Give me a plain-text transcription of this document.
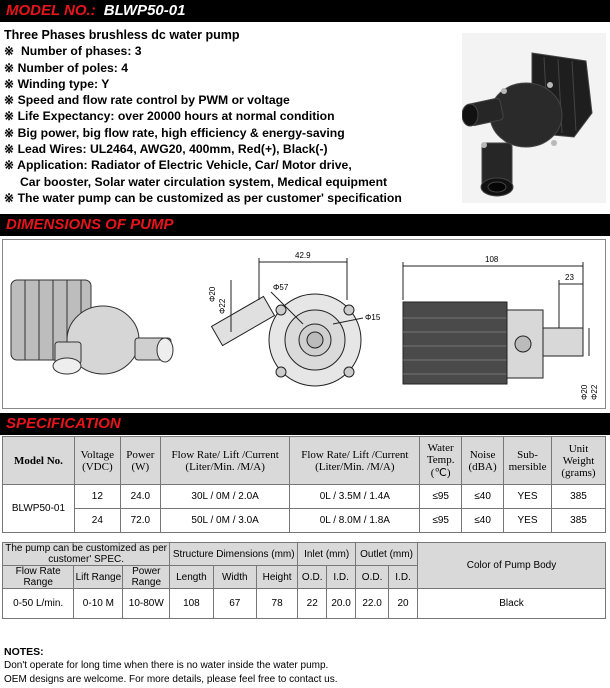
MODEL NO.: BLWP50-01
Three Phases brushless dc water pump
※ Number of phases: 3
※ Number of poles: 4
※ Winding type: Y
※ Speed and flow rate control by PWM or voltage
※ Life Expectancy: over 20000 hours at normal condition
※ Big power, big flow rate, high efficiency & energy-saving
※ Lead Wires: UL2464, AWG20, 400mm, Red(+), Black(-)
※ Application: Radiator of Electric Vehicle, Car/ Motor drive,
Car booster, Solar water circulation system, Medical equipment
※ The water pump can be customized as per customer' specification
DIMENSIONS OF PUMP
42.9
Φ20
Φ22
Φ57
Φ15
108
23
Φ20 Φ22
SPECIFICATION
Model No.	Voltage (VDC)	Power (W)	Flow Rate/ Lift /Current (Liter/Min. /M/A)	Flow Rate/ Lift /Current (Liter/Min. /M/A)	Water Temp. (℃)	Noise (dBA)	Sub- mersible	Unit Weight (grams)
BLWP50-01	12	24.0	30L / 0M / 2.0A	0L / 3.5M / 1.4A	≤95	≤40	YES	385
	24	72.0	50L / 0M / 3.0A	0L / 8.0M / 1.8A	≤95	≤40	YES	385
The pump can be customized as per customer' SPEC.			Structure Dimensions (mm)			Inlet (mm)		Outlet (mm)		Color of Pump Body
Flow Rate Range	Lift Range	Power Range	Length	Width	Height	O.D.	I.D.	O.D.	I.D.	
0-50 L/min.	0-10 M	10-80W	108	67	78	22	20.0	22.0	20	Black
NOTES:
Don't operate for long time when there is no water inside the water pump.
OEM designs are welcome. For more details, please feel free to contact us.
